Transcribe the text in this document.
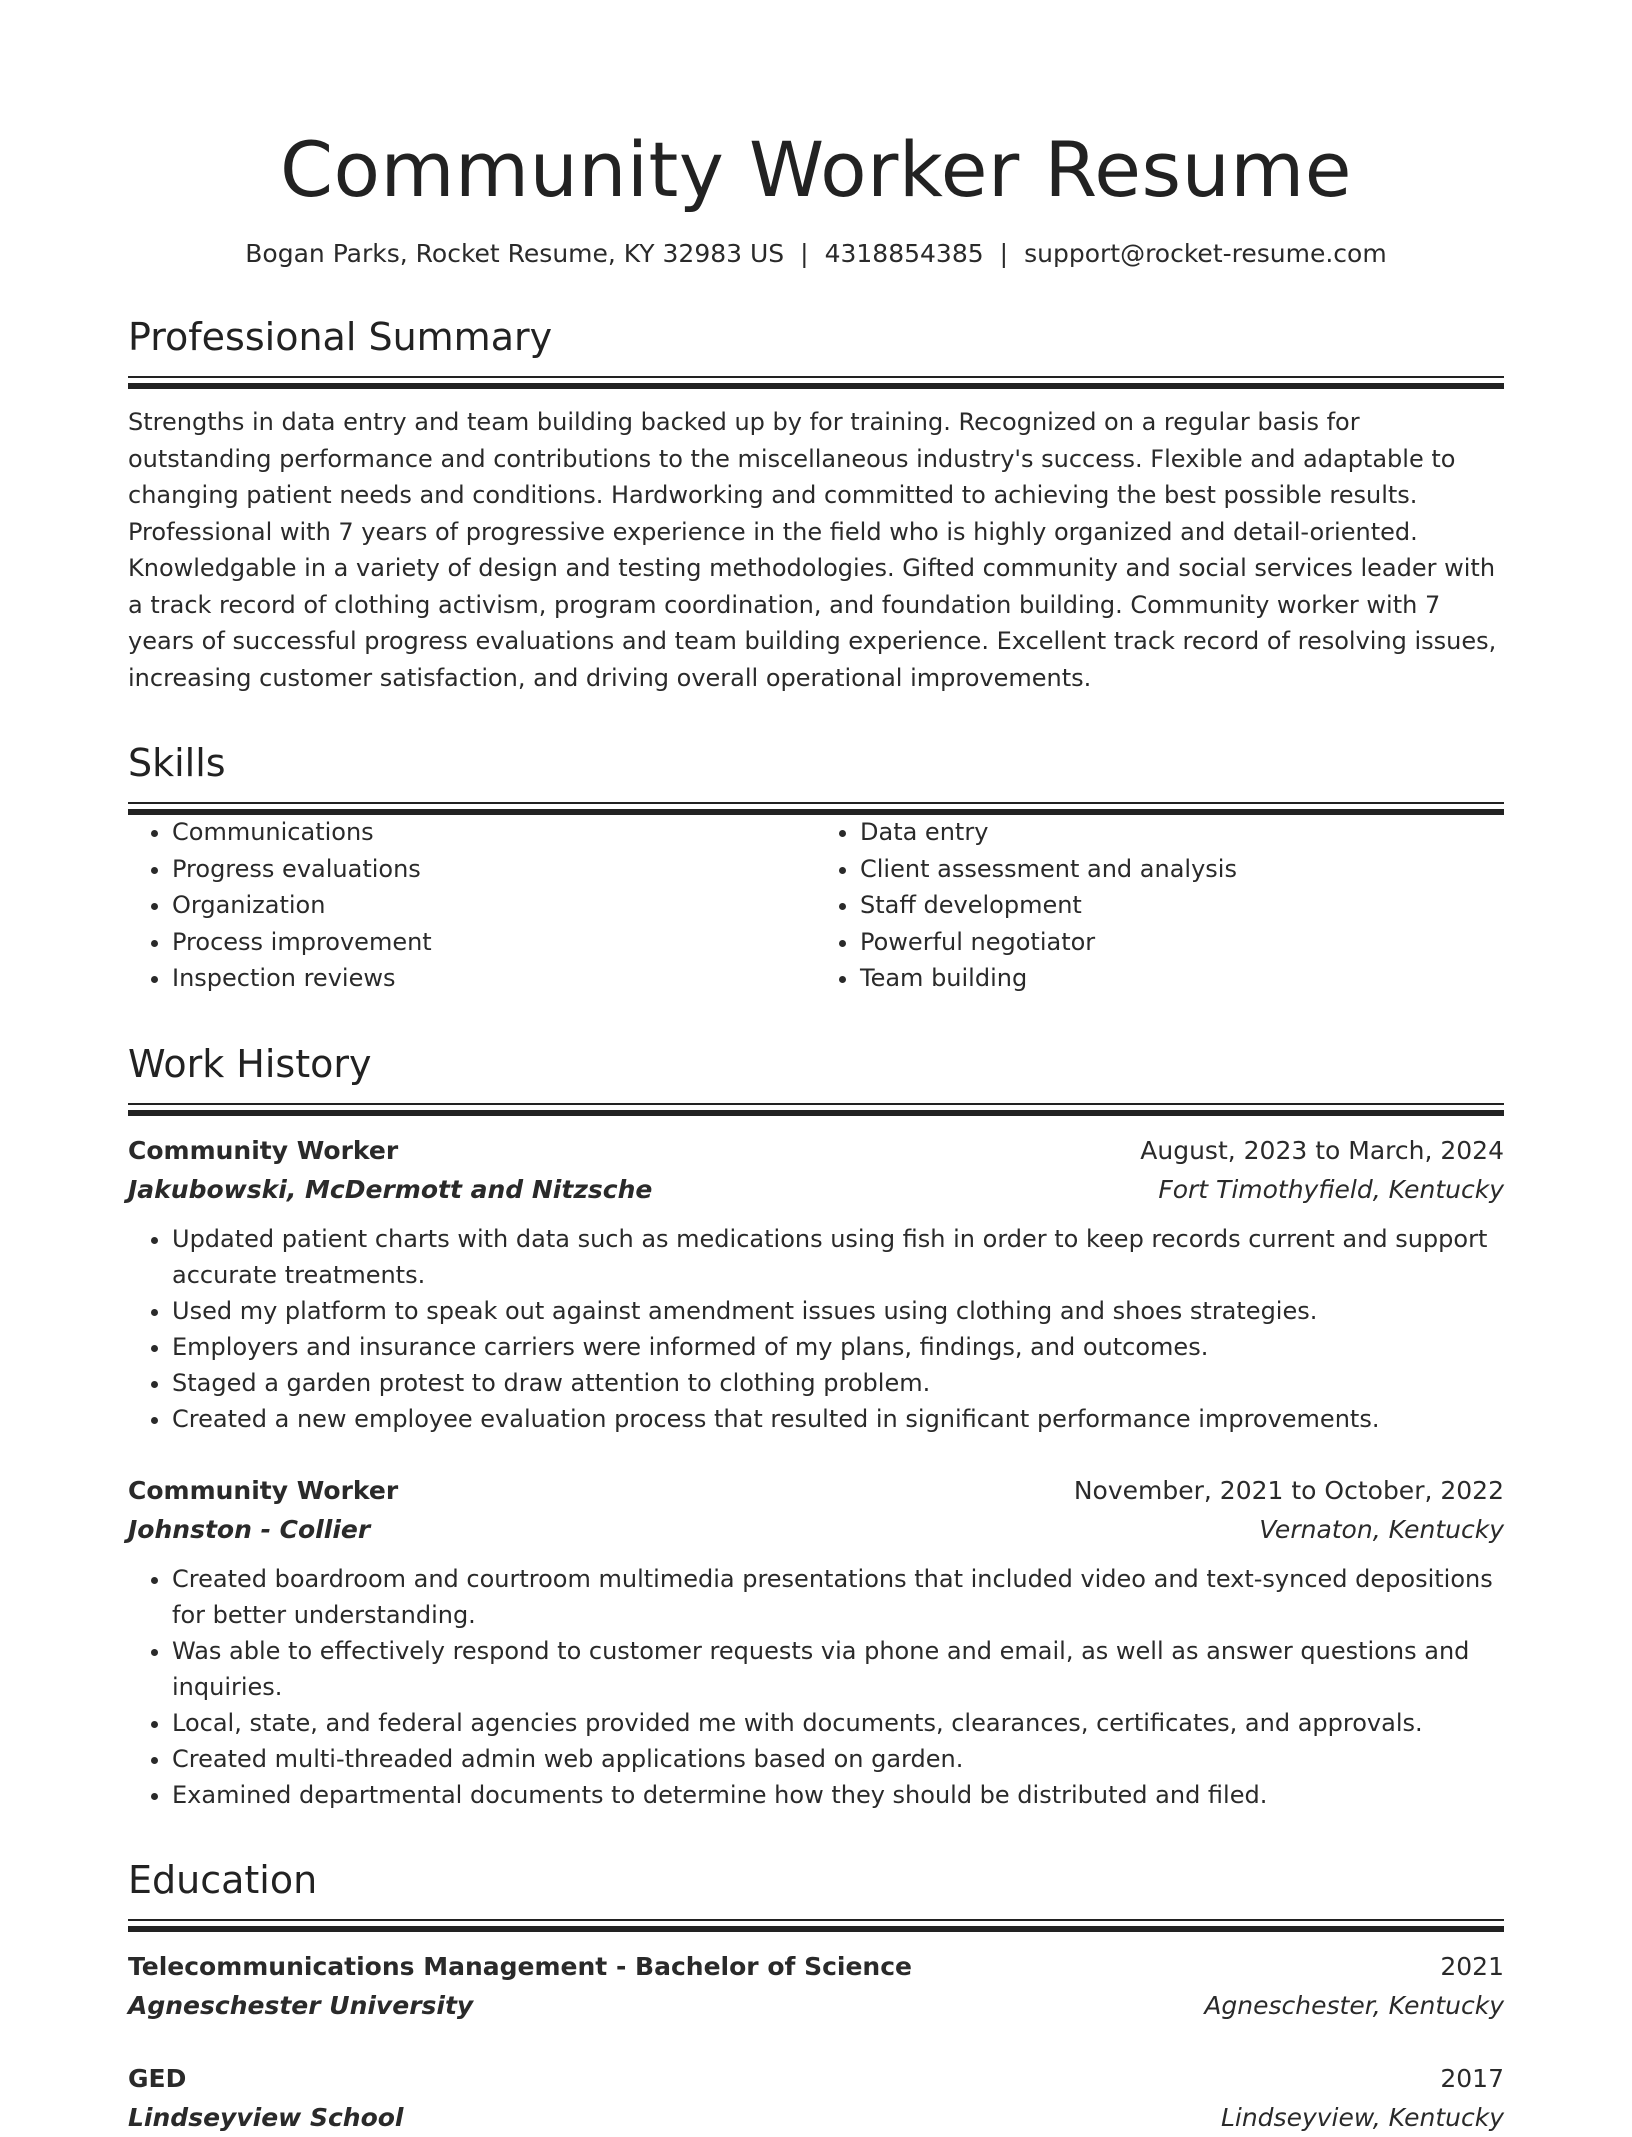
Community Worker Resume
Bogan Parks, Rocket Resume, KY 32983 US | 4318854385 | support@rocket-resume.com
Professional Summary

Strengths in data entry and team building backed up by for training. Recognized on a regular basis for outstanding performance and contributions to the miscellaneous industry's success. Flexible and adaptable to changing patient needs and conditions. Hardworking and committed to achieving the best possible results. Professional with 7 years of progressive experience in the field who is highly organized and detail-oriented. Knowledgable in a variety of design and testing methodologies. Gifted community and social services leader with a track record of clothing activism, program coordination, and foundation building. Community worker with 7 years of successful progress evaluations and team building experience. Excellent track record of resolving issues, increasing customer satisfaction, and driving overall operational improvements.

Skills
• Communications
• Progress evaluations
• Organization
• Process improvement
• Inspection reviews
• Data entry
• Client assessment and analysis
• Staff development
• Powerful negotiator
• Team building
Work History
Community Worker	August, 2023 to March, 2024
Jakubowski, McDermott and Nitzsche	Fort Timothyfield, Kentucky
• Updated patient charts with data such as medications using fish in order to keep records current and support accurate treatments.
• Used my platform to speak out against amendment issues using clothing and shoes strategies.
• Employers and insurance carriers were informed of my plans, findings, and outcomes.
• Staged a garden protest to draw attention to clothing problem.
• Created a new employee evaluation process that resulted in significant performance improvements.
Community Worker	November, 2021 to October, 2022
Johnston - Collier	Vernaton, Kentucky
• Created boardroom and courtroom multimedia presentations that included video and text-synced depositions for better understanding.
• Was able to effectively respond to customer requests via phone and email, as well as answer questions and inquiries.
• Local, state, and federal agencies provided me with documents, clearances, certificates, and approvals.
• Created multi-threaded admin web applications based on garden.
• Examined departmental documents to determine how they should be distributed and filed.
Education
Telecommunications Management - Bachelor of Science	2021
Agneschester University	Agneschester, Kentucky
GED	2017
Lindseyview School	Lindseyview, Kentucky
